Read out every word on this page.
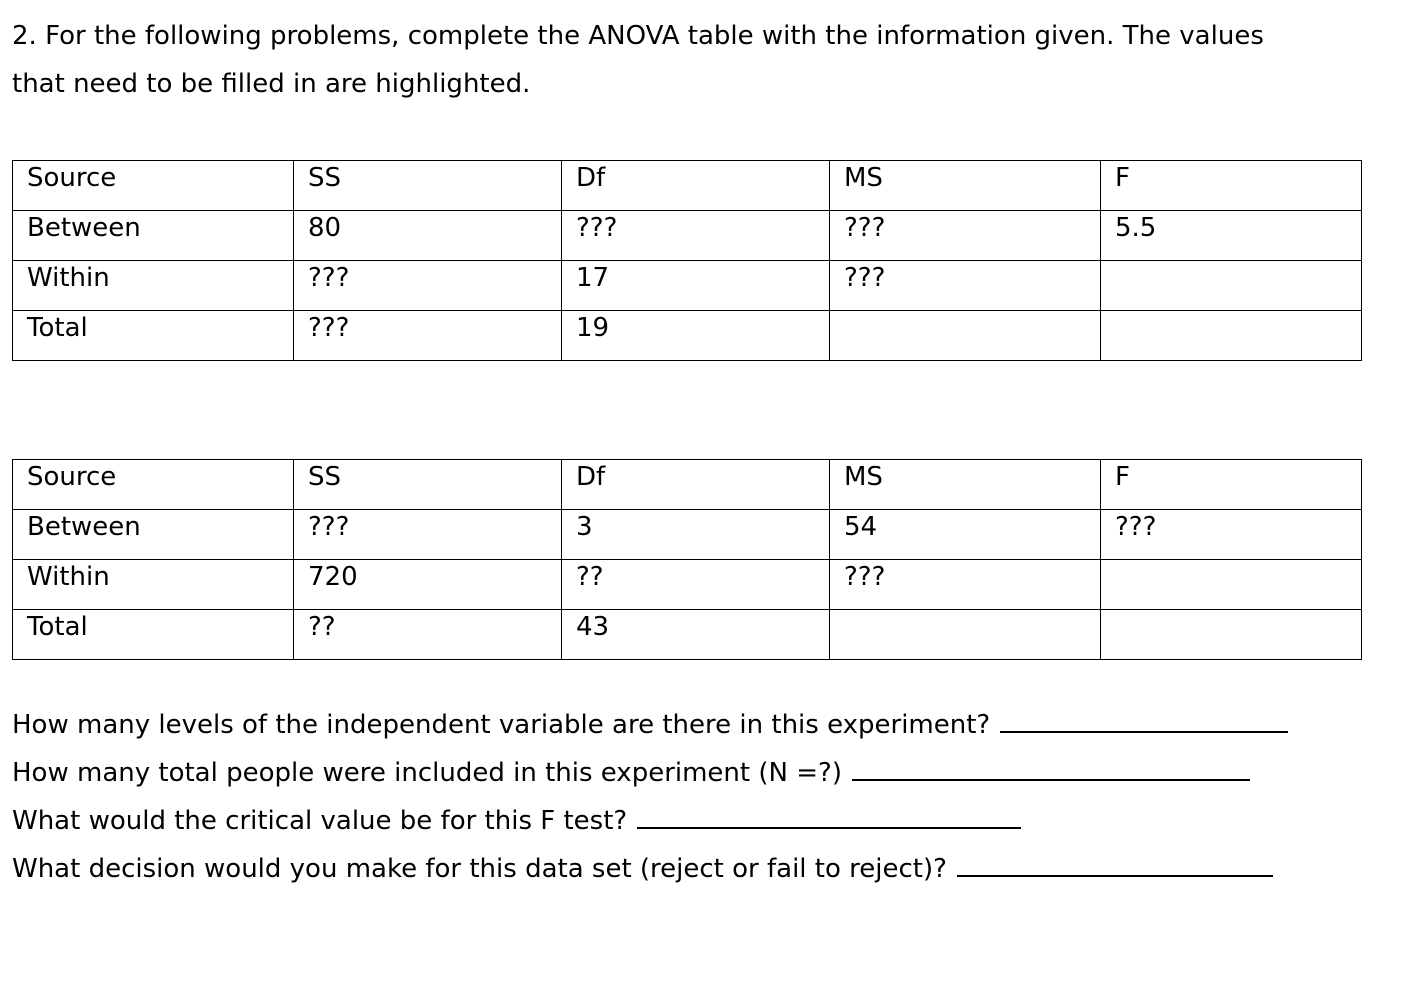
2. For the following problems, complete the ANOVA table with the information given. The values
that need to be filled in are highlighted.
Source	SS	Df	MS	F
Between	80	???	???	5.5
Within	???	17	???	
Total	???	19		
Source	SS	Df	MS	F
Between	???	3	54	???
Within	720	??	???	
Total	??	43		
How many levels of the independent variable are there in this experiment?
How many total people were included in this experiment (N =?)
What would the critical value be for this F test?
What decision would you make for this data set (reject or fail to reject)?
